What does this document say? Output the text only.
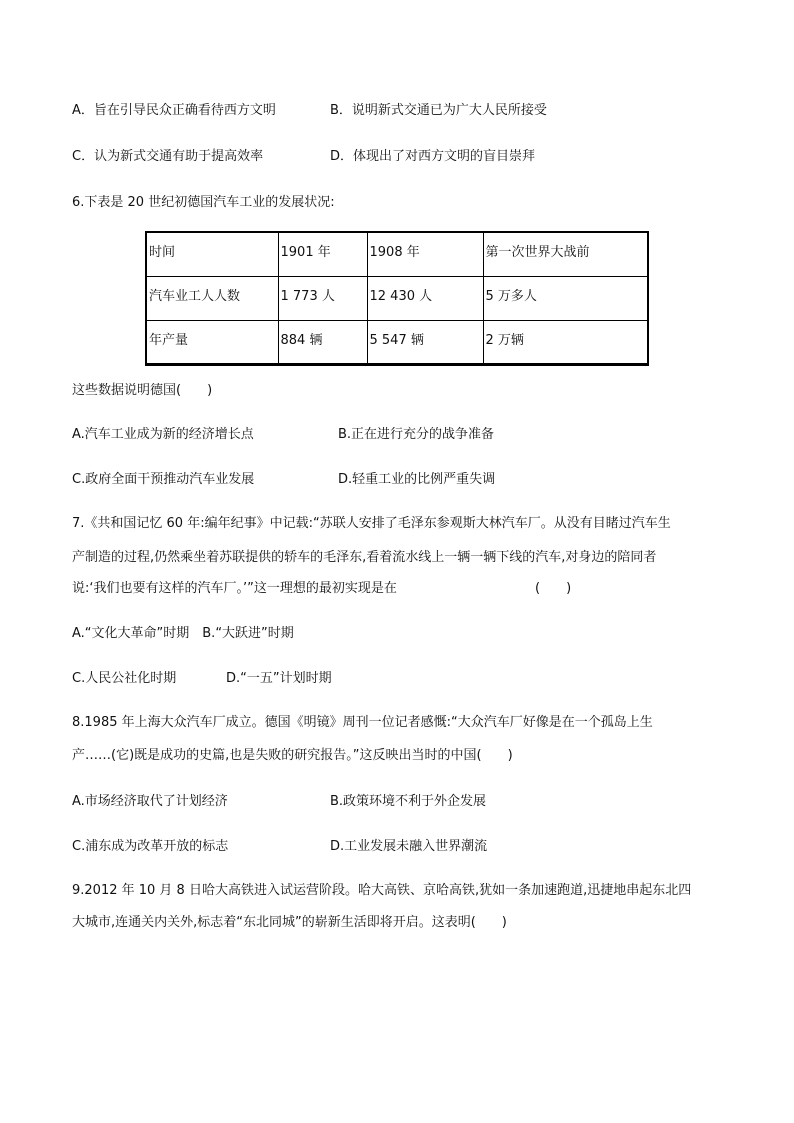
A．旨在引导民众正确看待西方文明	B．说明新式交通已为广大人民所接受
C．认为新式交通有助于提高效率	D．体现出了对西方文明的盲目崇拜
6.下表是 20 世纪初德国汽车工业的发展状况:
时间	1901 年	1908 年	第一次世界大战前
汽车业工人人数	1 773 人	12 430 人	5 万多人
年产量	884 辆	5 547 辆	2 万辆
这些数据说明德国(　　)
A.汽车工业成为新的经济增长点	B.正在进行充分的战争准备
C.政府全面干预推动汽车业发展	D.轻重工业的比例严重失调
7.《共和国记忆 60 年:编年纪事》中记载:“苏联人安排了毛泽东参观斯大林汽车厂。从没有目睹过汽车生
产制造的过程,仍然乘坐着苏联提供的轿车的毛泽东,看着流水线上一辆一辆下线的汽车,对身边的陪同者
说:‘我们也要有这样的汽车厂。’”这一理想的最初实现是在	(　　)
A.“文化大革命”时期　B.“大跃进”时期
C.人民公社化时期	D.“一五”计划时期
8.1985 年上海大众汽车厂成立。德国《明镜》周刊一位记者感慨:“大众汽车厂好像是在一个孤岛上生
产……(它)既是成功的史篇,也是失败的研究报告。”这反映出当时的中国(　　)
A.市场经济取代了计划经济	B.政策环境不利于外企发展
C.浦东成为改革开放的标志	D.工业发展未融入世界潮流
9.2012 年 10 月 8 日哈大高铁进入试运营阶段。哈大高铁、京哈高铁,犹如一条加速跑道,迅捷地串起东北四
大城市,连通关内关外,标志着“东北同城”的崭新生活即将开启。这表明(　　)
